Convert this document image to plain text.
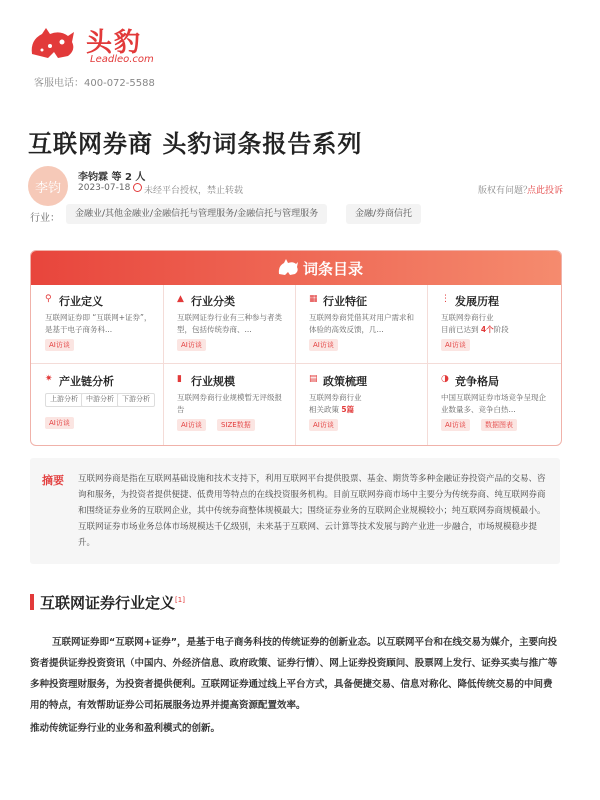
头豹
Leadleo.com
客服电话：400-072-5588
互联网券商 头豹词条报告系列
李钧
李钧霖 等 2 人
2023-07-18 未经平台授权，禁止转载	版权有问题？
点此投诉
行业：	金融业/其他金融业/金融信托与管理服务/金融信托与管理服务	金融/券商信托
词条目录
⚲ 行业定义
互联网证券即 “互联网+证券”，是基于电子商务科...
AI访谈
▲ 行业分类
互联网证券行业有三种参与者类型，包括传统券商、...
AI访谈
▦ 行业特征
互联网券商凭借其对用户需求和体验的高效反馈，几...
AI访谈
⋮ 发展历程
互联网券商行业
目前已达到 4个阶段
AI访谈
✷ 产业链分析
上游分析	中游分析	下游分析
AI访谈
▮ 行业规模
互联网券商行业规模暂无评级报告
AI访谈	SIZE数据
▤ 政策梳理
互联网券商行业
相关政策 5篇
AI访谈
◑ 竞争格局
中国互联网证券市场竞争呈现企业数量多、竞争白热...
AI访谈	数据图表
摘要 互联网券商是指在互联网基础设施和技术支持下，利用互联网平台提供股票、基金、期货等多种金融证券投资产品的交易、咨询和服务，为投资者提供便捷、低费用等特点的在线投资服务机构。目前互联网券商市场中主要分为传统券商、纯互联网券商和围绕证券业务的互联网企业，其中传统券商整体规模最大；围绕证券业务的互联网企业规模较小；纯互联网券商规模最小。互联网证券市场业务总体市场规模达千亿级别，未来基于互联网、云计算等技术发展与跨产业进一步融合，市场规模稳步提升。
互联网证券行业定义[1]
互联网证券即“互联网+证券”，是基于电子商务科技的传统证券的创新业态。以互联网平台和在线交易为媒介，主要向投资者提供证券投资资讯（中国内、外经济信息、政府政策、证券行情）、网上证券投资顾问、股票网上发行、证券买卖与推广等多种投资理财服务，为投资者提供便利。互联网证券通过线上平台方式，具备便捷交易、信息对称化、降低传统交易的中间费用的特点，有效帮助证券公司拓展服务边界并提高资源配置效率。
推动传统证券行业的业务和盈利模式的创新。
